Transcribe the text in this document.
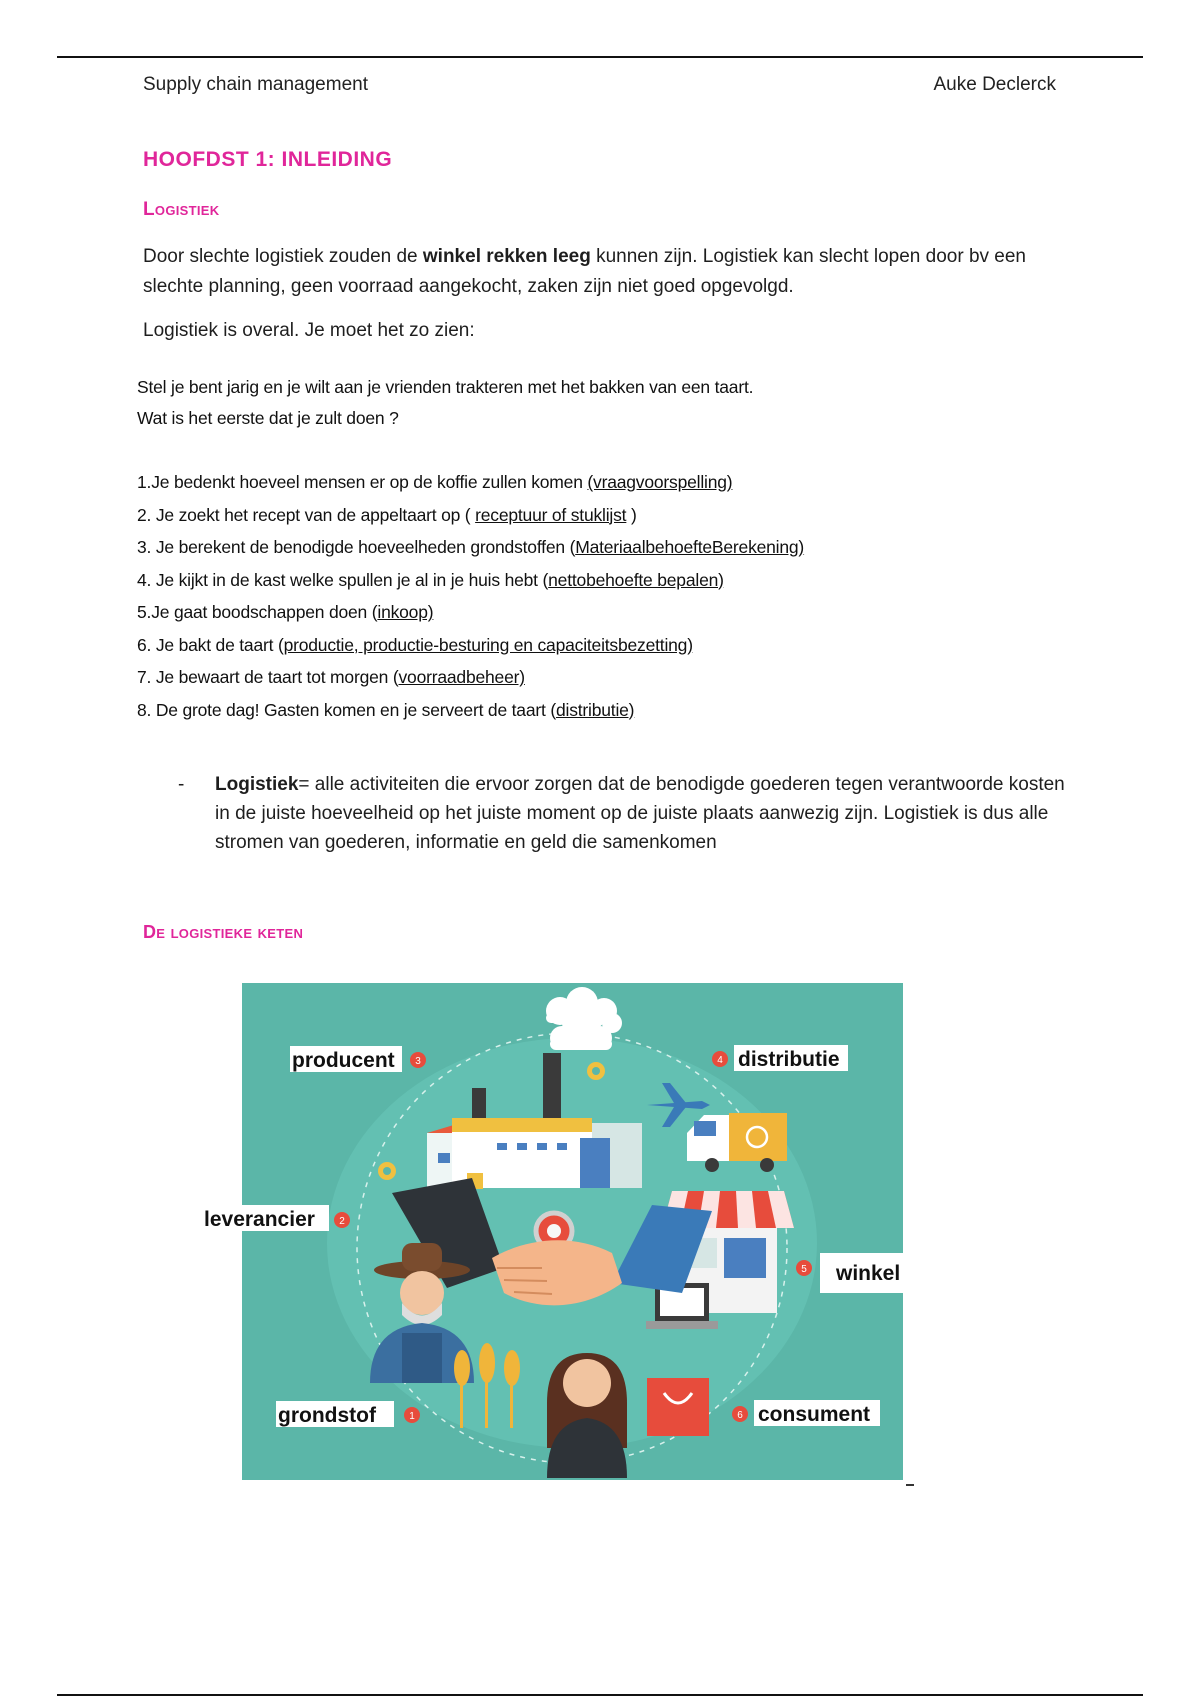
Supply chain management	Auke Declerck
HOOFDST 1: INLEIDING
Logistiek
Door slechte logistiek zouden de winkel rekken leeg kunnen zijn. Logistiek kan slecht lopen door bv een slechte planning, geen voorraad aangekocht, zaken zijn niet goed opgevolgd.
Logistiek is overal. Je moet het zo zien:
Stel je bent jarig en je wilt aan je vrienden trakteren met het bakken van een taart.
Wat is het eerste dat je zult doen ?
1.Je bedenkt hoeveel mensen er op de koffie zullen komen (vraagvoorspelling)
2. Je zoekt het recept van de appeltaart op ( receptuur of stuklijst )
3. Je berekent de benodigde hoeveelheden grondstoffen (MateriaalbehoefteBerekening)
4. Je kijkt in de kast welke spullen je al in je huis hebt (nettobehoefte bepalen)
5.Je gaat boodschappen doen (inkoop)
6. Je bakt de taart (productie, productie-besturing en capaciteitsbezetting)
7. Je bewaart de taart tot morgen (voorraadbeheer)
8. De grote dag! Gasten komen en je serveert de taart (distributie)
- Logistiek= alle activiteiten die ervoor zorgen dat de benodigde goederen tegen verantwoorde kosten in de juiste hoeveelheid op het juiste moment op de juiste plaats aanwezig zijn. Logistiek is dus alle stromen van goederen, informatie en geld die samenkomen
De logistieke keten
producent 3	4 distributie
leverancier 2
5 winkel
grondstof	1	6 consument
